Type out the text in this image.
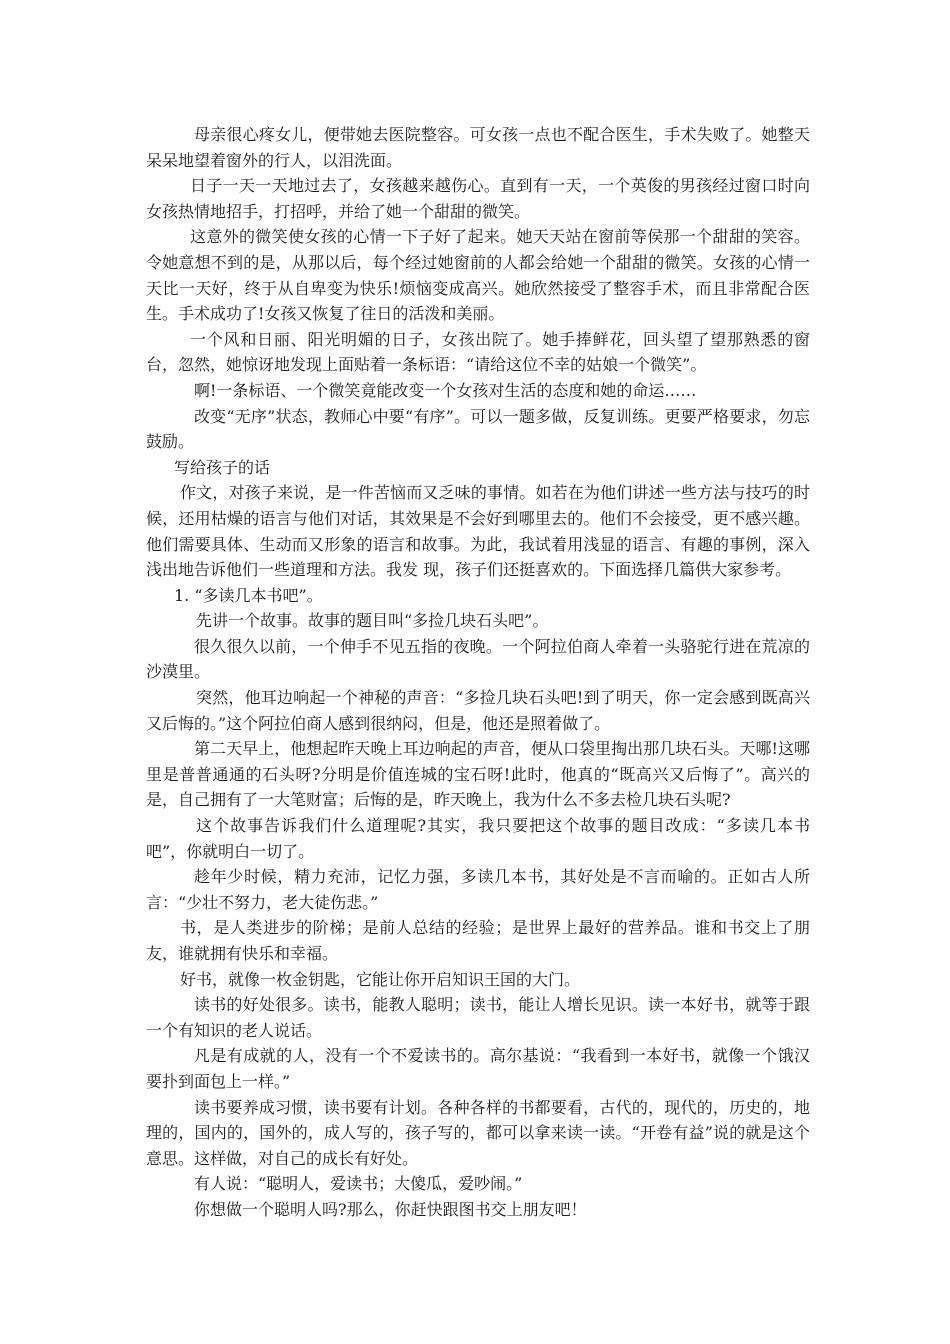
母亲很心疼女儿，便带她去医院整容。可女孩一点也不配合医生，手术失败了。她整天呆呆地望着窗外的行人，以泪洗面。

日子一天一天地过去了，女孩越来越伤心。直到有一天，一个英俊的男孩经过窗口时向女孩热情地招手，打招呼，并给了她一个甜甜的微笑。

这意外的微笑使女孩的心情一下子好了起来。她天天站在窗前等侯那一个甜甜的笑容。令她意想不到的是，从那以后，每个经过她窗前的人都会给她一个甜甜的微笑。女孩的心情一天比一天好，终于从自卑变为快乐!烦恼变成高兴。她欣然接受了整容手术，而且非常配合医生。手术成功了!女孩又恢复了往日的活泼和美丽。

一个风和日丽、阳光明媚的日子，女孩出院了。她手捧鲜花，回头望了望那熟悉的窗台，忽然，她惊讶地发现上面贴着一条标语：“请给这位不幸的姑娘一个微笑”。

啊!一条标语、一个微笑竟能改变一个女孩对生活的态度和她的命运……

改变“无序”状态，教师心中要“有序”。可以一题多做，反复训练。更要严格要求，勿忘鼓励。

写给孩子的话

作文，对孩子来说，是一件苦恼而又乏味的事情。如若在为他们讲述一些方法与技巧的时候，还用枯燥的语言与他们对话，其效果是不会好到哪里去的。他们不会接受，更不感兴趣。他们需要具体、生动而又形象的语言和故事。为此，我试着用浅显的语言、有趣的事例，深入浅出地告诉他们一些道理和方法。我发 现，孩子们还挺喜欢的。下面选择几篇供大家参考。

1. “多读几本书吧”。

先讲一个故事。故事的题目叫“多捡几块石头吧”。

很久很久以前，一个伸手不见五指的夜晚。一个阿拉伯商人牵着一头骆驼行进在荒凉的沙漠里。

突然，他耳边响起一个神秘的声音：“多捡几块石头吧!到了明天，你一定会感到既高兴又后悔的。”这个阿拉伯商人感到很纳闷，但是，他还是照着做了。

第二天早上，他想起昨天晚上耳边响起的声音，便从口袋里掏出那几块石头。天哪!这哪里是普普通通的石头呀?分明是价值连城的宝石呀!此时，他真的“既高兴又后悔了”。高兴的是，自己拥有了一大笔财富；后悔的是，昨天晚上，我为什么不多去检几块石头呢?

这个故事告诉我们什么道理呢?其实，我只要把这个故事的题目改成：“多读几本书吧”，你就明白一切了。

趁年少时候，精力充沛，记忆力强，多读几本书，其好处是不言而喻的。正如古人所言：“少壮不努力，老大徒伤悲。”

书，是人类进步的阶梯；是前人总结的经验；是世界上最好的营养品。谁和书交上了朋友，谁就拥有快乐和幸福。

好书，就像一枚金钥匙，它能让你开启知识王国的大门。

读书的好处很多。读书，能教人聪明；读书，能让人增长见识。读一本好书，就等于跟一个有知识的老人说话。

凡是有成就的人，没有一个不爱读书的。高尔基说：“我看到一本好书，就像一个饿汉要扑到面包上一样。”

读书要养成习惯，读书要有计划。各种各样的书都要看，古代的，现代的，历史的，地理的，国内的，国外的，成人写的，孩子写的，都可以拿来读一读。“开卷有益”说的就是这个意思。这样做，对自己的成长有好处。

有人说：“聪明人，爱读书；大傻瓜，爱吵闹。”

你想做一个聪明人吗?那么，你赶快跟图书交上朋友吧！
